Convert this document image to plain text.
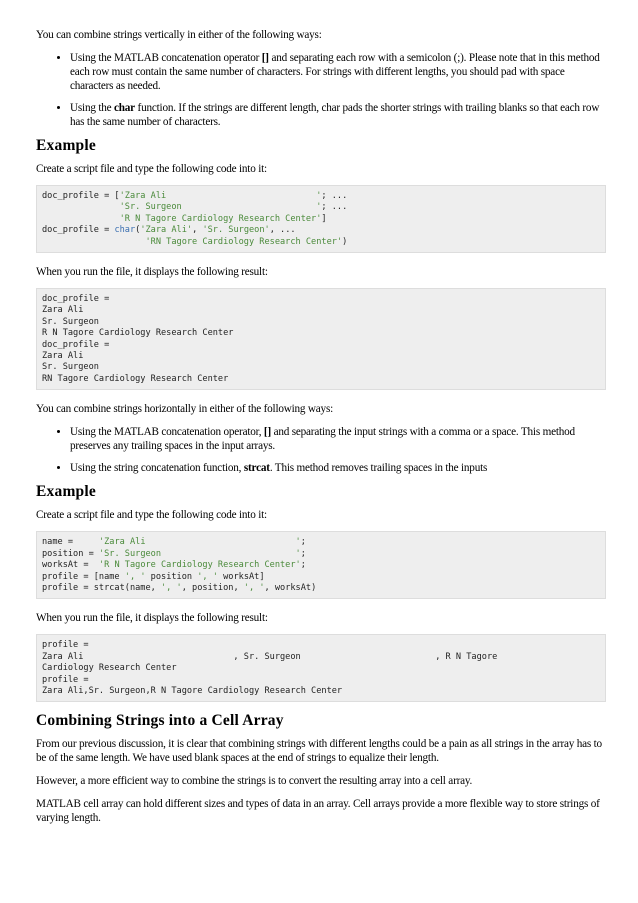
You can combine strings vertically in either of the following ways:

• Using the MATLAB concatenation operator [] and separating each row with a semicolon (;). Please note that in this method each row must contain the same number of characters. For strings with different lengths, you should pad with space characters as needed.
• Using the char function. If the strings are different length, char pads the shorter strings with trailing blanks so that each row has the same number of characters.
Example

Create a script file and type the following code into it:

doc_profile = ['Zara Ali                             '; ...
'Sr. Surgeon                          '; ...
'R N Tagore Cardiology Research Center']
doc_profile = char('Zara Ali', 'Sr. Surgeon', ...
'RN Tagore Cardiology Research Center')

When you run the file, it displays the following result:

doc_profile =
Zara Ali
Sr. Surgeon
R N Tagore Cardiology Research Center
doc_profile =
Zara Ali
Sr. Surgeon
RN Tagore Cardiology Research Center

You can combine strings horizontally in either of the following ways:

• Using the MATLAB concatenation operator, [] and separating the input strings with a comma or a space. This method preserves any trailing spaces in the input arrays.
• Using the string concatenation function, strcat. This method removes trailing spaces in the inputs
Example

Create a script file and type the following code into it:

name =     'Zara Ali                             ';
position = 'Sr. Surgeon                          ';
worksAt =  'R N Tagore Cardiology Research Center';
profile = [name ', ' position ', ' worksAt]
profile = strcat(name, ', ', position, ', ', worksAt)

When you run the file, it displays the following result:

profile =
Zara Ali                             , Sr. Surgeon                          , R N Tagore
Cardiology Research Center
profile =
Zara Ali,Sr. Surgeon,R N Tagore Cardiology Research Center
Combining Strings into a Cell Array

From our previous discussion, it is clear that combining strings with different lengths could be a pain as all strings in the array has to be of the same length. We have used blank spaces at the end of strings to equalize their length.

However, a more efficient way to combine the strings is to convert the resulting array into a cell array.

MATLAB cell array can hold different sizes and types of data in an array. Cell arrays provide a more flexible way to store strings of varying length.
